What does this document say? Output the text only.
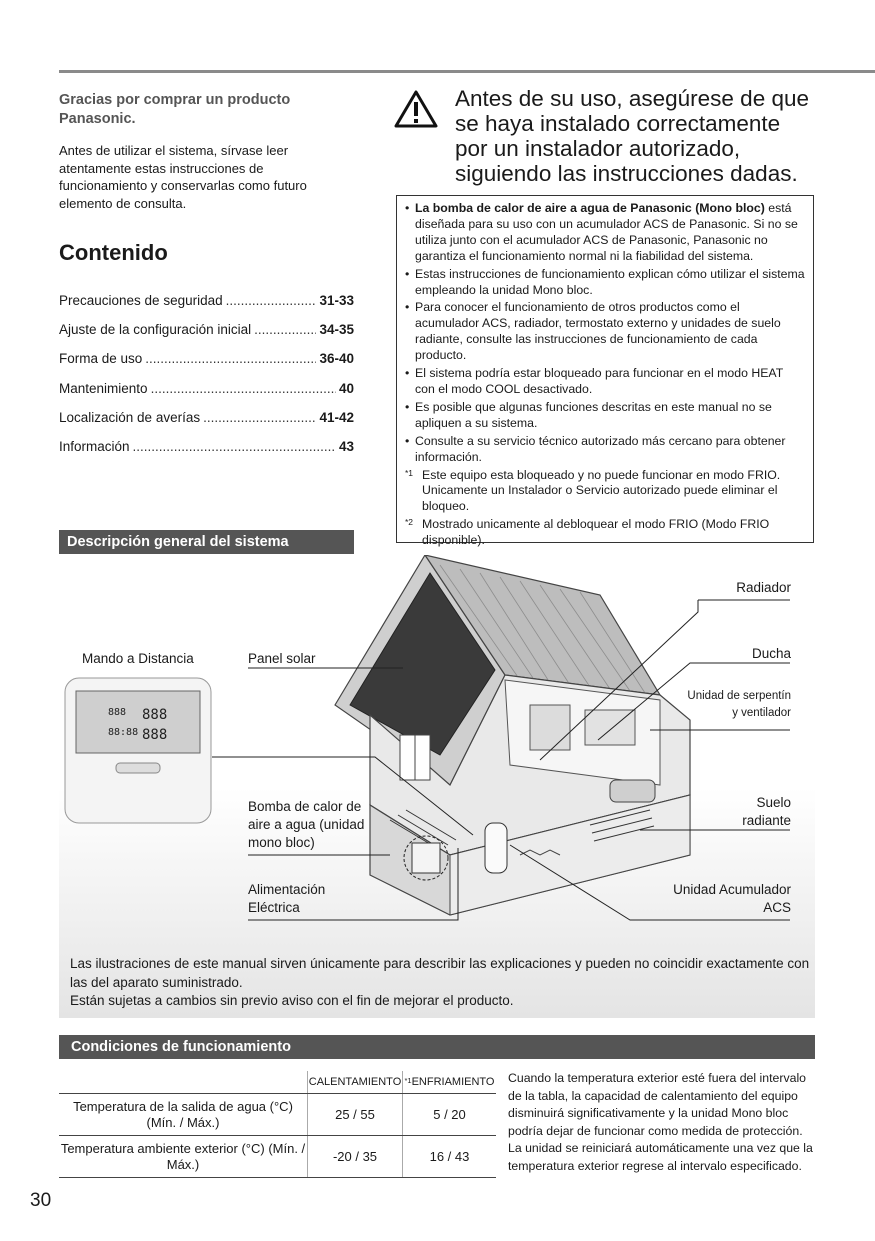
Gracias por comprar un producto Panasonic.
Antes de utilizar el sistema, sírvase leer atentamente estas instrucciones de funcionamiento y conservarlas como futuro elemento de consulta.
Contenido
Precauciones de seguridad .....	31-33
Ajuste de la configuración inicial .....	34-35
Forma de uso .....	36-40
Mantenimiento .....	40
Localización de averías .....	41-42
Información .....	43
Antes de su uso, asegúrese de que se haya instalado correctamente por un instalador autorizado, siguiendo las instrucciones dadas.
• La bomba de calor de aire a agua de Panasonic (Mono bloc) está diseñada para su uso con un acumulador ACS de Panasonic. Si no se utiliza junto con el acumulador ACS de Panasonic, Panasonic no garantiza el funcionamiento normal ni la fiabilidad del sistema.
• Estas instrucciones de funcionamiento explican cómo utilizar el sistema empleando la unidad Mono bloc.
• Para conocer el funcionamiento de otros productos como el acumulador ACS, radiador, termostato externo y unidades de suelo radiante, consulte las instrucciones de funcionamiento de cada producto.
• El sistema podría estar bloqueado para funcionar en el modo HEAT con el modo COOL desactivado.
• Es posible que algunas funciones descritas en este manual no se apliquen a su sistema.
• Consulte a su servicio técnico autorizado más cercano para obtener información.
*1 Este equipo esta bloqueado y no puede funcionar en modo FRIO. Unicamente un Instalador o Servicio autorizado puede eliminar el bloqueo.
*2 Mostrado unicamente al debloquear el modo FRIO (Modo FRIO disponible).
Descripción general del sistema
888 888
88:88 888
Mando a Distancia	Panel solar
Radiador
Ducha
Unidad de serpentín y ventilador
Suelo radiante
Bomba de calor de aire a agua (unidad mono bloc)
Alimentación Eléctrica
Unidad Acumulador ACS
Las ilustraciones de este manual sirven únicamente para describir las explicaciones y pueden no coincidir exactamente con las del aparato suministrado.
Están sujetas a cambios sin previo aviso con el fin de mejorar el producto.
Condiciones de funcionamiento
	CALENTAMIENTO	$^{*1}$ENFRIAMIENTO
Temperatura de la salida de agua (°C) (Mín. / Máx.)	25 / 55	5 / 20
Temperatura ambiente exterior (°C) (Mín. / Máx.)	-20 / 35	16 / 43
Cuando la temperatura exterior esté fuera del intervalo de la tabla, la capacidad de calentamiento del equipo disminuirá significativamente y la unidad Mono bloc podría dejar de funcionar como medida de protección. La unidad se reiniciará automáticamente una vez que la temperatura exterior regrese al intervalo especificado.
30
